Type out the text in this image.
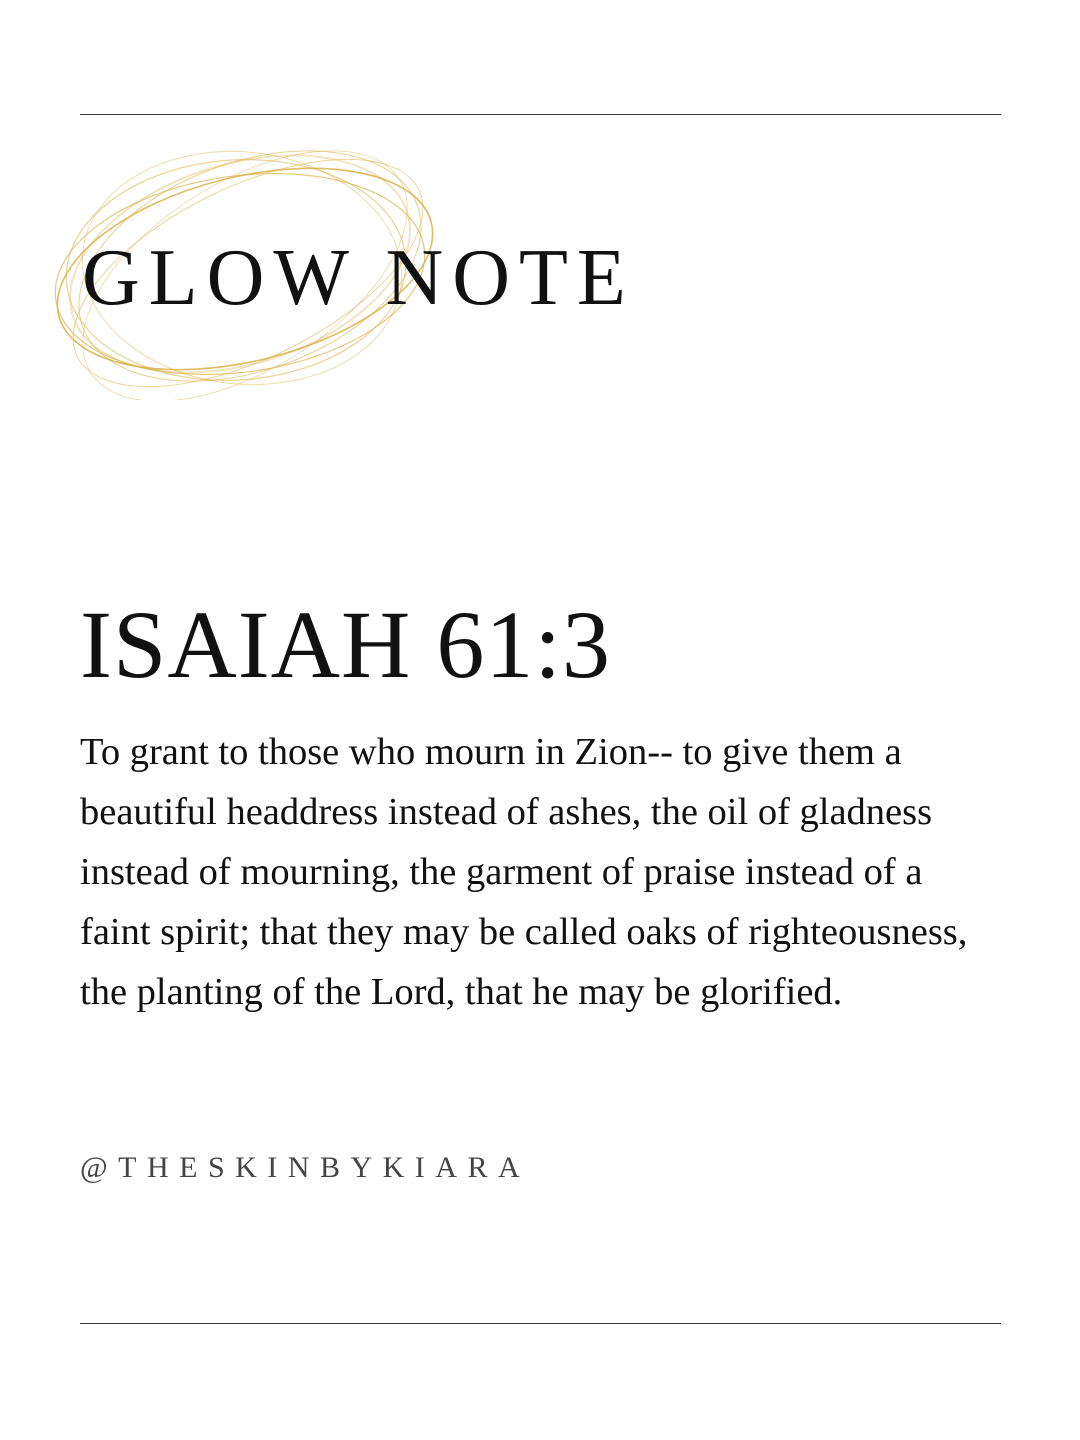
GLOW NOTE
ISAIAH 61:3

To grant to those who mourn in Zion-- to give them a beautiful headdress instead of ashes, the oil of gladness instead of mourning, the garment of praise instead of a faint spirit; that they may be called oaks of righteousness, the planting of the Lord, that he may be glorified.

@THESKINBYKIARA
